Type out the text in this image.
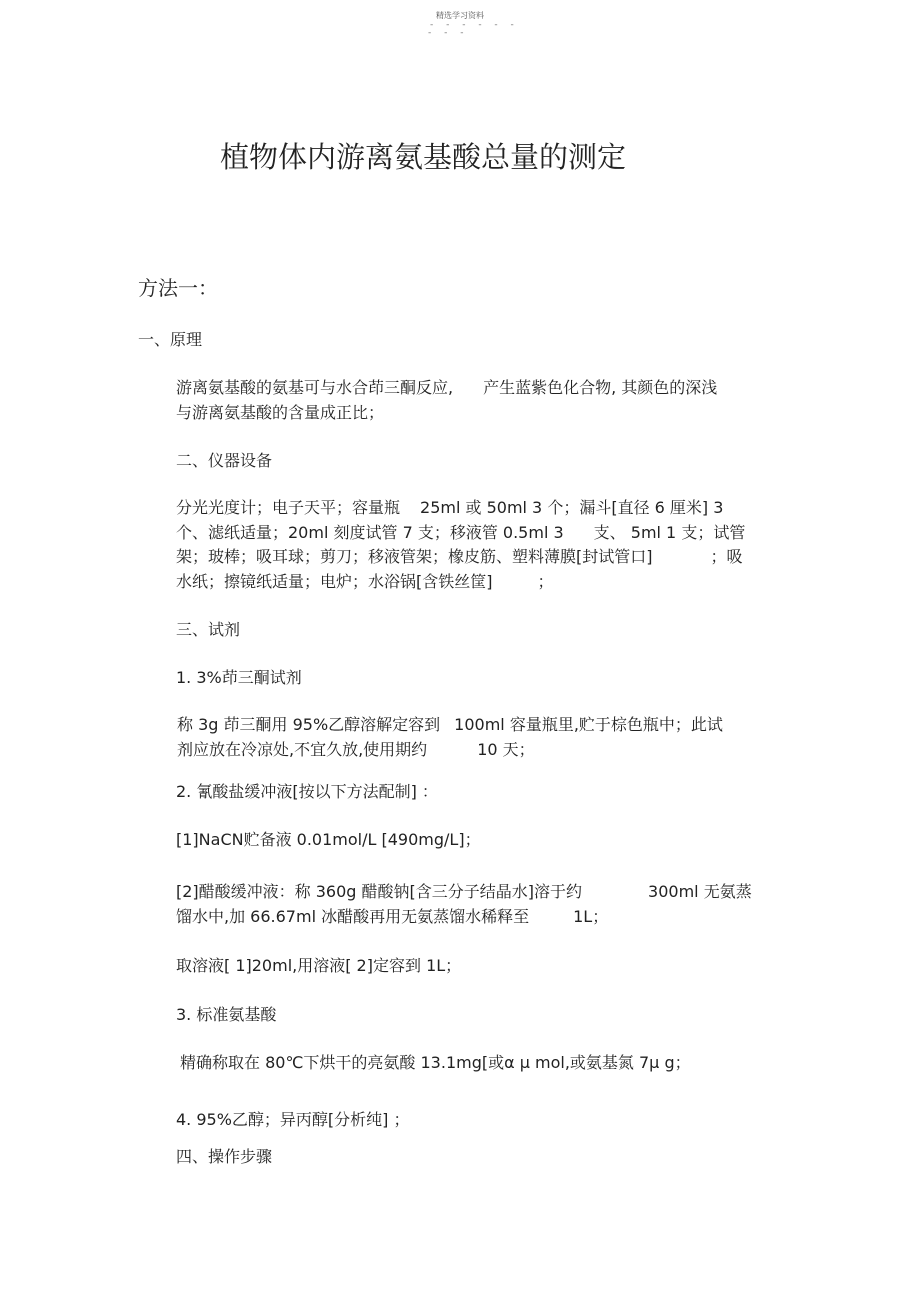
精选学习资料
- - - - - -
- - -
植物体内游离氨基酸总量的测定
方法一：
一、原理
游离氨基酸的氨基可与水合茚三酮反应, 产生蓝紫色化合物, 其颜色的深浅
与游离氨基酸的含量成正比；
二、仪器设备
分光光度计；电子天平；容量瓶 25ml 或 50ml 3 个；漏斗[直径 6 厘米] 3
个、滤纸适量；20ml 刻度试管 7 支；移液管 0.5ml 3 支、 5ml 1 支；试管
架；玻棒；吸耳球；剪刀；移液管架；橡皮筋、塑料薄膜[封试管口]	；吸
水纸；擦镜纸适量；电炉；水浴锅[含铁丝筐]	；
三、试剂
1. 3%茚三酮试剂
称 3g 茚三酮用 95%乙醇溶解定容到 100ml 容量瓶里,贮于棕色瓶中；此试
剂应放在冷凉处,不宜久放,使用期约	10 天；
2. 氰酸盐缓冲液[按以下方法配制] ：
[1]NaCN贮备液 0.01mol/L [490mg/L]；
[2]醋酸缓冲液：称 360g 醋酸钠[含三分子结晶水]溶于约	300ml 无氨蒸
馏水中,加 66.67ml 冰醋酸再用无氨蒸馏水稀释至	1L；
取溶液[ 1]20ml,用溶液[ 2]定容到 1L；
3. 标准氨基酸
精确称取在 80℃下烘干的亮氨酸 13.1mg[或α μ mol,或氨基氮 7μ g；
4. 95%乙醇；异丙醇[分析纯] ；
四、操作步骤
